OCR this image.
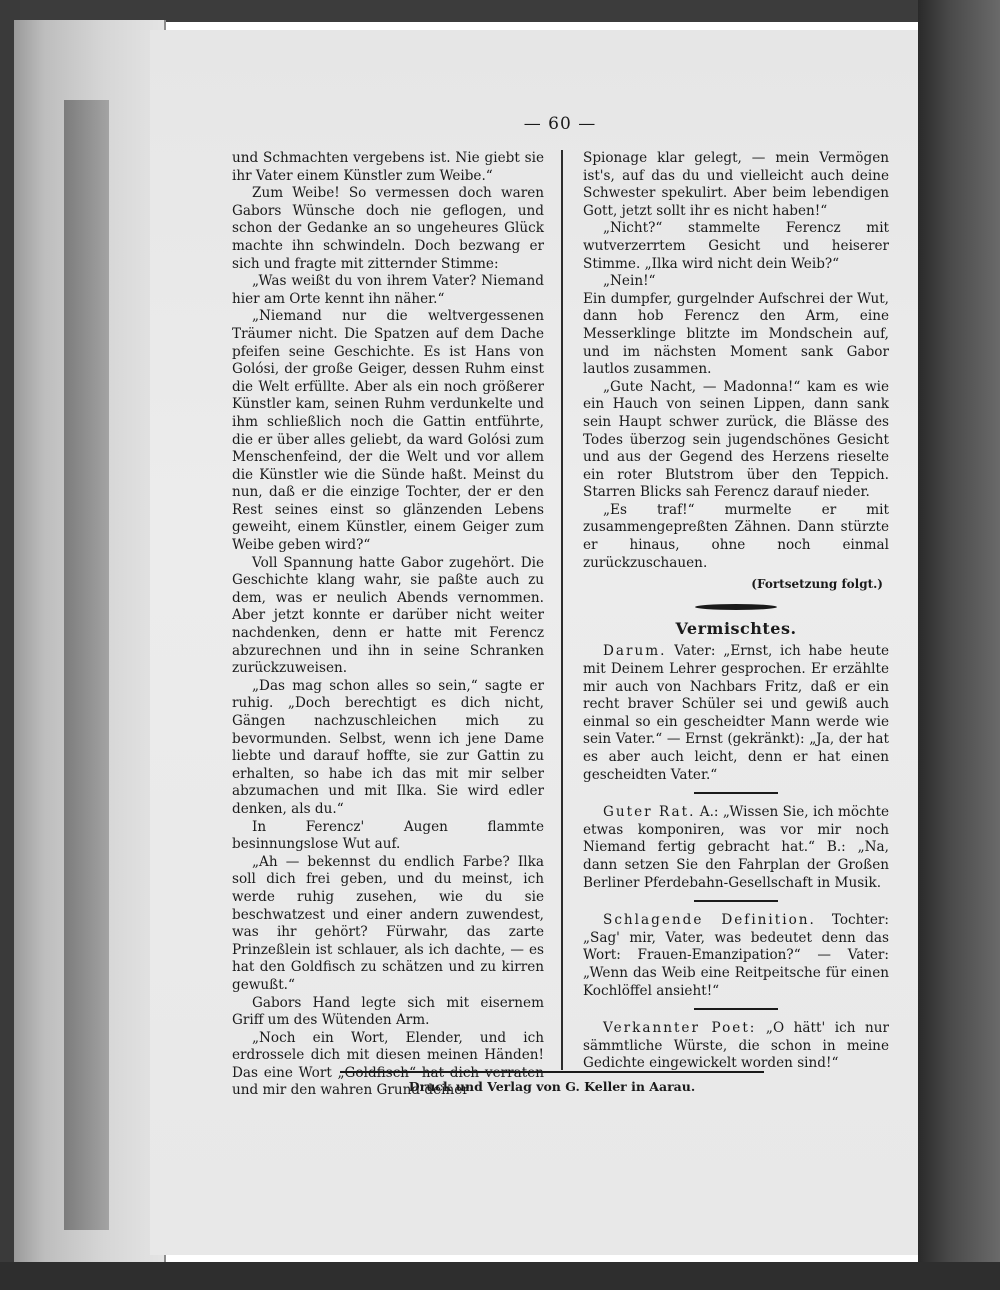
— 60 —

und Schmachten vergebens ist. Nie giebt sie ihr Vater einem Künstler zum Weibe.“

Zum Weibe! So vermessen doch waren Gabors Wünsche doch nie geflogen, und schon der Gedanke an so ungeheures Glück machte ihn schwindeln. Doch bezwang er sich und fragte mit zitternder Stimme:

„Was weißt du von ihrem Vater? Niemand hier am Orte kennt ihn näher.“

„Niemand nur die weltvergessenen Träumer nicht. Die Spatzen auf dem Dache pfeifen seine Geschichte. Es ist Hans von Golósi, der große Geiger, dessen Ruhm einst die Welt erfüllte. Aber als ein noch größerer Künstler kam, seinen Ruhm verdunkelte und ihm schließlich noch die Gattin entführte, die er über alles geliebt, da ward Golósi zum Menschenfeind, der die Welt und vor allem die Künstler wie die Sünde haßt. Meinst du nun, daß er die einzige Tochter, der er den Rest seines einst so glänzenden Lebens geweiht, einem Künstler, einem Geiger zum Weibe geben wird?“

Voll Spannung hatte Gabor zugehört. Die Geschichte klang wahr, sie paßte auch zu dem, was er neulich Abends vernommen. Aber jetzt konnte er darüber nicht weiter nachdenken, denn er hatte mit Ferencz abzurechnen und ihn in seine Schranken zurückzuweisen.

„Das mag schon alles so sein,“ sagte er ruhig. „Doch berechtigt es dich nicht, Gängen nachzuschleichen mich zu bevormunden. Selbst, wenn ich jene Dame liebte und darauf hoffte, sie zur Gattin zu erhalten, so habe ich das mit mir selber abzumachen und mit Ilka. Sie wird edler denken, als du.“

In Ferencz' Augen flammte besinnungslose Wut auf.

„Ah — bekennst du endlich Farbe? Ilka soll dich frei geben, und du meinst, ich werde ruhig zusehen, wie du sie beschwatzest und einer andern zuwendest, was ihr gehört? Fürwahr, das zarte Prinzeßlein ist schlauer, als ich dachte, — es hat den Goldfisch zu schätzen und zu kirren gewußt.“

Gabors Hand legte sich mit eisernem Griff um des Wütenden Arm.

„Noch ein Wort, Elender, und ich erdrossele dich mit diesen meinen Händen! Das eine Wort „Goldfisch“ hat dich verraten und mir den wahren Grund deiner

Spionage klar gelegt, — mein Vermögen ist's, auf das du und vielleicht auch deine Schwester spekulirt. Aber beim lebendigen Gott, jetzt sollt ihr es nicht haben!“

„Nicht?“ stammelte Ferencz mit wutverzerrtem Gesicht und heiserer Stimme. „Ilka wird nicht dein Weib?“

„Nein!“

Ein dumpfer, gurgelnder Aufschrei der Wut, dann hob Ferencz den Arm, eine Messerklinge blitzte im Mondschein auf, und im nächsten Moment sank Gabor lautlos zusammen.

„Gute Nacht, — Madonna!“ kam es wie ein Hauch von seinen Lippen, dann sank sein Haupt schwer zurück, die Blässe des Todes überzog sein jugendschönes Gesicht und aus der Gegend des Herzens rieselte ein roter Blutstrom über den Teppich. Starren Blicks sah Ferencz darauf nieder.

„Es traf!“ murmelte er mit zusammengepreßten Zähnen. Dann stürzte er hinaus, ohne noch einmal zurückzuschauen.

(Fortsetzung folgt.)

Vermischtes.

Darum. Vater: „Ernst, ich habe heute mit Deinem Lehrer gesprochen. Er erzählte mir auch von Nachbars Fritz, daß er ein recht braver Schüler sei und gewiß auch einmal so ein gescheidter Mann werde wie sein Vater.“ — Ernst (gekränkt): „Ja, der hat es aber auch leicht, denn er hat einen gescheidten Vater.“

Guter Rat. A.: „Wissen Sie, ich möchte etwas komponiren, was vor mir noch Niemand fertig gebracht hat.“ B.: „Na, dann setzen Sie den Fahrplan der Großen Berliner Pferdebahn-Gesellschaft in Musik.

Schlagende Definition. Tochter: „Sag' mir, Vater, was bedeutet denn das Wort: Frauen-Emanzipation?“ — Vater: „Wenn das Weib eine Reitpeitsche für einen Kochlöffel ansieht!“

Verkannter Poet: „O hätt' ich nur sämmtliche Würste, die schon in meine Gedichte eingewickelt worden sind!“

Druck und Verlag von G. Keller in Aarau.
